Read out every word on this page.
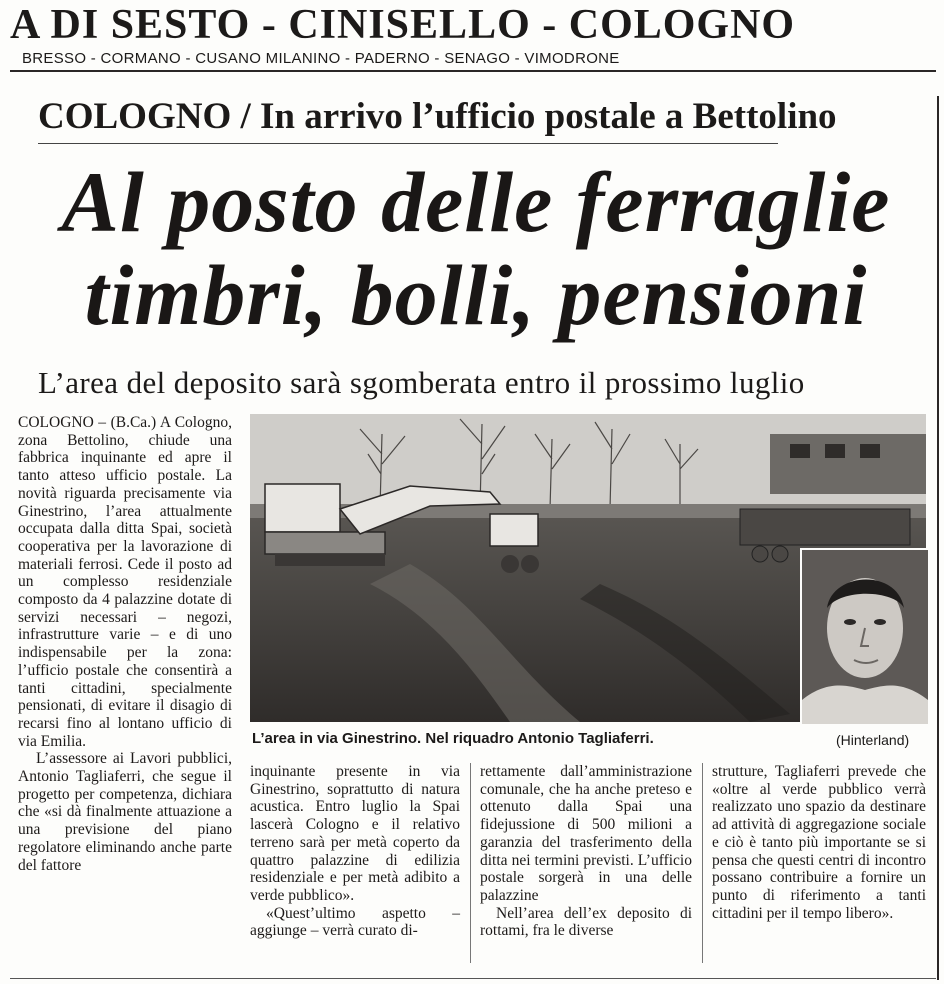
A DI SESTO - CINISELLO - COLOGNO
BRESSO - CORMANO - CUSANO MILANINO - PADERNO - SENAGO - VIMODRONE
COLOGNO / In arrivo l’ufficio postale a Bettolino
Al posto delle ferraglie
timbri, bolli, pensioni
L’area del deposito sarà sgomberata entro il prossimo luglio

COLOGNO – (B.Ca.) A Cologno, zona Bettolino, chiude una fabbrica inquinante ed apre il tanto atteso ufficio postale. La novità riguarda precisamente via Ginestrino, l’area attualmente occupata dalla ditta Spai, società cooperativa per la lavorazione di materiali ferrosi. Cede il posto ad un complesso residenziale composto da 4 palazzine dotate di servizi necessari – negozi, infrastrutture varie – e di uno indispensabile per la zona: l’ufficio postale che consentirà a tanti cittadini, specialmente pensionati, di evitare il disagio di recarsi fino al lontano ufficio di via Emilia.

L’assessore ai Lavori pubblici, Antonio Tagliaferri, che segue il progetto per competenza, dichiara che «si dà finalmente attuazione a una previsione del piano regolatore eliminando anche parte del fattore

L’area in via Ginestrino. Nel riquadro Antonio Tagliaferri.	(Hinterland)

inquinante presente in via Ginestrino, soprattutto di natura acustica. Entro luglio la Spai lascerà Cologno e il relativo terreno sarà per metà coperto da quattro palazzine di edilizia residenziale e per metà adibito a verde pubblico».

«Quest’ultimo aspetto – aggiunge – verrà curato di-

rettamente dall’amministrazione comunale, che ha anche preteso e ottenuto dalla Spai una fidejussione di 500 milioni a garanzia del trasferimento della ditta nei termini previsti. L’ufficio postale sorgerà in una delle palazzine

Nell’area dell’ex deposito di rottami, fra le diverse

strutture, Tagliaferri prevede che «oltre al verde pubblico verrà realizzato uno spazio da destinare ad attività di aggregazione sociale e ciò è tanto più importante se si pensa che questi centri di incontro possano contribuire a fornire un punto di riferimento a tanti cittadini per il tempo libero».
